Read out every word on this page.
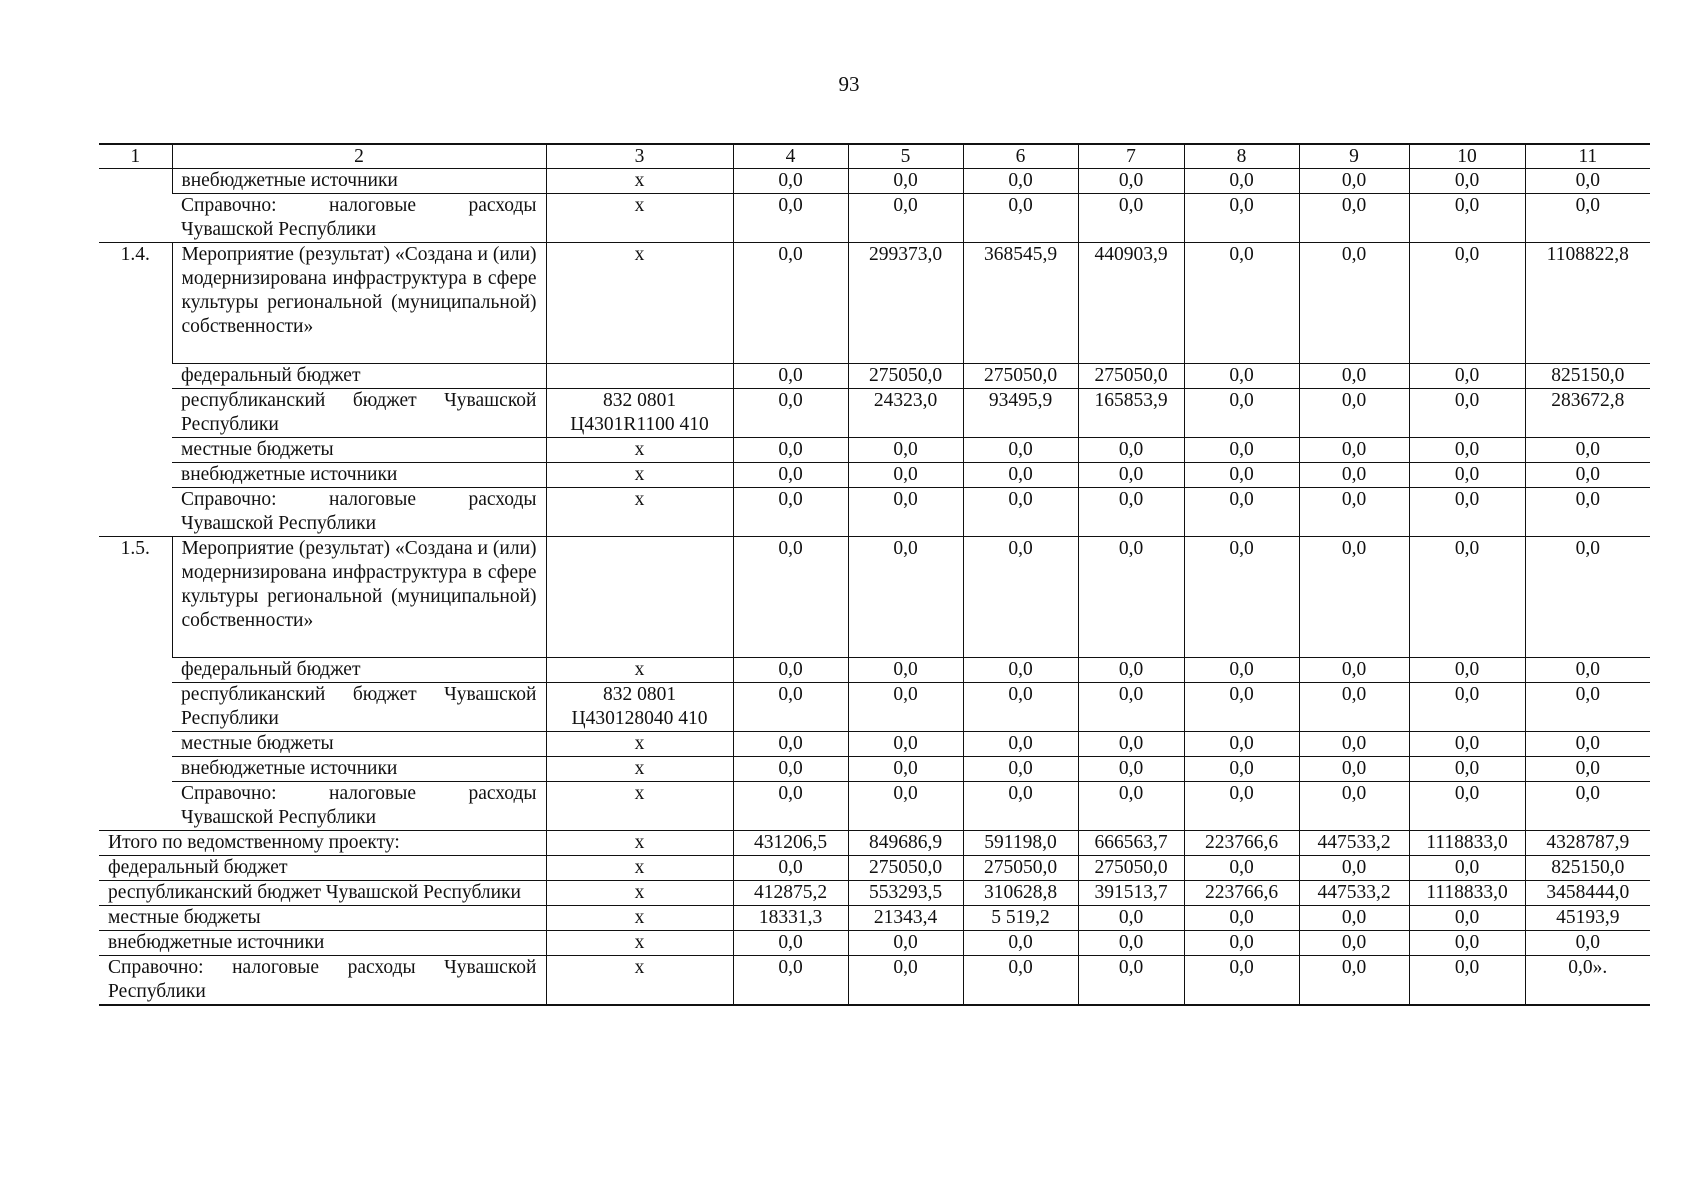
93
1	2	3	4	5	6	7	8	9	10	11
	внебюджетные источники	х	0,0	0,0	0,0	0,0	0,0	0,0	0,0	0,0
	Справочно: налоговые расходы Чувашской Республики	х	0,0	0,0	0,0	0,0	0,0	0,0	0,0	0,0
1.4.	Мероприятие (результат) «Создана и (или) модернизирована инфраструктура в сфере культуры региональной (муниципальной) собственности»	х	0,0	299373,0	368545,9	440903,9	0,0	0,0	0,0	1108822,8
	федеральный бюджет		0,0	275050,0	275050,0	275050,0	0,0	0,0	0,0	825150,0
	республиканский бюджет Чувашской Республики	832 0801 Ц4301R1100 410	0,0	24323,0	93495,9	165853,9	0,0	0,0	0,0	283672,8
	местные бюджеты	х	0,0	0,0	0,0	0,0	0,0	0,0	0,0	0,0
	внебюджетные источники	х	0,0	0,0	0,0	0,0	0,0	0,0	0,0	0,0
	Справочно: налоговые расходы Чувашской Республики	х	0,0	0,0	0,0	0,0	0,0	0,0	0,0	0,0
1.5.	Мероприятие (результат) «Создана и (или) модернизирована инфраструктура в сфере культуры региональной (муниципальной) собственности»		0,0	0,0	0,0	0,0	0,0	0,0	0,0	0,0
	федеральный бюджет	х	0,0	0,0	0,0	0,0	0,0	0,0	0,0	0,0
	республиканский бюджет Чувашской Республики	832 0801 Ц430128040 410	0,0	0,0	0,0	0,0	0,0	0,0	0,0	0,0
	местные бюджеты	х	0,0	0,0	0,0	0,0	0,0	0,0	0,0	0,0
	внебюджетные источники	х	0,0	0,0	0,0	0,0	0,0	0,0	0,0	0,0
	Справочно: налоговые расходы Чувашской Республики	х	0,0	0,0	0,0	0,0	0,0	0,0	0,0	0,0
Итого по ведомственному проекту:		х	431206,5	849686,9	591198,0	666563,7	223766,6	447533,2	1118833,0	4328787,9
федеральный бюджет		х	0,0	275050,0	275050,0	275050,0	0,0	0,0	0,0	825150,0
республиканский бюджет Чувашской Республики		х	412875,2	553293,5	310628,8	391513,7	223766,6	447533,2	1118833,0	3458444,0
местные бюджеты		х	18331,3	21343,4	5 519,2	0,0	0,0	0,0	0,0	45193,9
внебюджетные источники		х	0,0	0,0	0,0	0,0	0,0	0,0	0,0	0,0
Справочно: налоговые расходы Чувашской Республики		х	0,0	0,0	0,0	0,0	0,0	0,0	0,0	0,0».
